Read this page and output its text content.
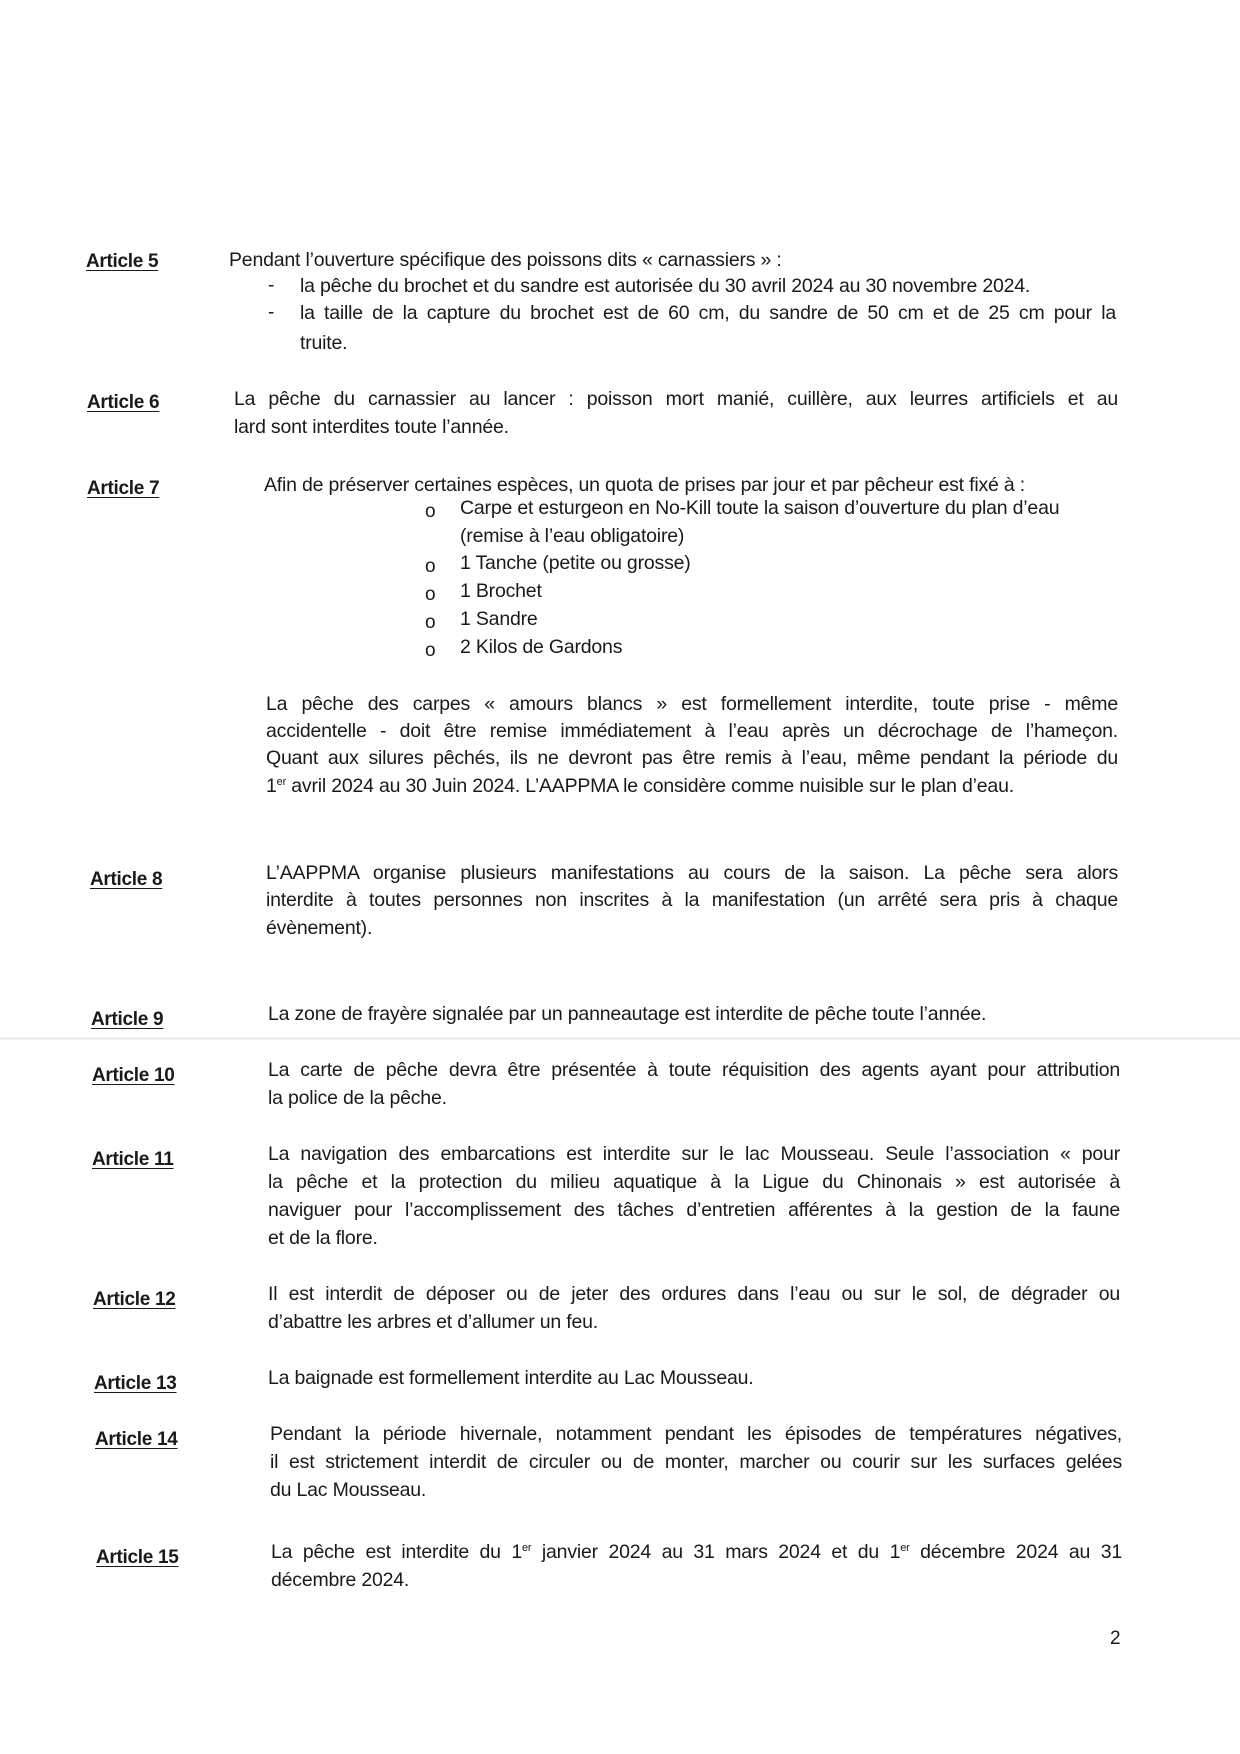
Article 5	Pendant l’ouverture spécifique des poissons dits « carnassiers » :
- la pêche du brochet et du sandre est autorisée du 30 avril 2024 au 30 novembre 2024.
- la taille de la capture du brochet est de 60 cm, du sandre de 50 cm et de 25 cm pour la
truite.
Article 6	La pêche du carnassier au lancer : poisson mort manié, cuillère, aux leurres artificiels et au
lard sont interdites toute l’année.
Article 7	Afin de préserver certaines espèces, un quota de prises par jour et par pêcheur est fixé à :
o Carpe et esturgeon en No-Kill toute la saison d’ouverture du plan d’eau
(remise à l’eau obligatoire)
o 1 Tanche (petite ou grosse)
o 1 Brochet
o 1 Sandre
o 2 Kilos de Gardons
La pêche des carpes « amours blancs » est formellement interdite, toute prise - même
accidentelle - doit être remise immédiatement à l’eau après un décrochage de l’hameçon.
Quant aux silures pêchés, ils ne devront pas être remis à l’eau, même pendant la période du
1er avril 2024 au 30 Juin 2024. L’AAPPMA le considère comme nuisible sur le plan d’eau.
Article 8	L’AAPPMA organise plusieurs manifestations au cours de la saison. La pêche sera alors
interdite à toutes personnes non inscrites à la manifestation (un arrêté sera pris à chaque
évènement).
Article 9	La zone de frayère signalée par un panneautage est interdite de pêche toute l’année.
Article 10	La carte de pêche devra être présentée à toute réquisition des agents ayant pour attribution
la police de la pêche.
Article 11	La navigation des embarcations est interdite sur le lac Mousseau. Seule l’association « pour
la pêche et la protection du milieu aquatique à la Ligue du Chinonais » est autorisée à
naviguer pour l’accomplissement des tâches d’entretien afférentes à la gestion de la faune
et de la flore.
Article 12	Il est interdit de déposer ou de jeter des ordures dans l’eau ou sur le sol, de dégrader ou
d’abattre les arbres et d’allumer un feu.
Article 13	La baignade est formellement interdite au Lac Mousseau.
Article 14	Pendant la période hivernale, notamment pendant les épisodes de températures négatives,
il est strictement interdit de circuler ou de monter, marcher ou courir sur les surfaces gelées
du Lac Mousseau.
Article 15	La pêche est interdite du 1er janvier 2024 au 31 mars 2024 et du 1er décembre 2024 au 31
décembre 2024.
2
